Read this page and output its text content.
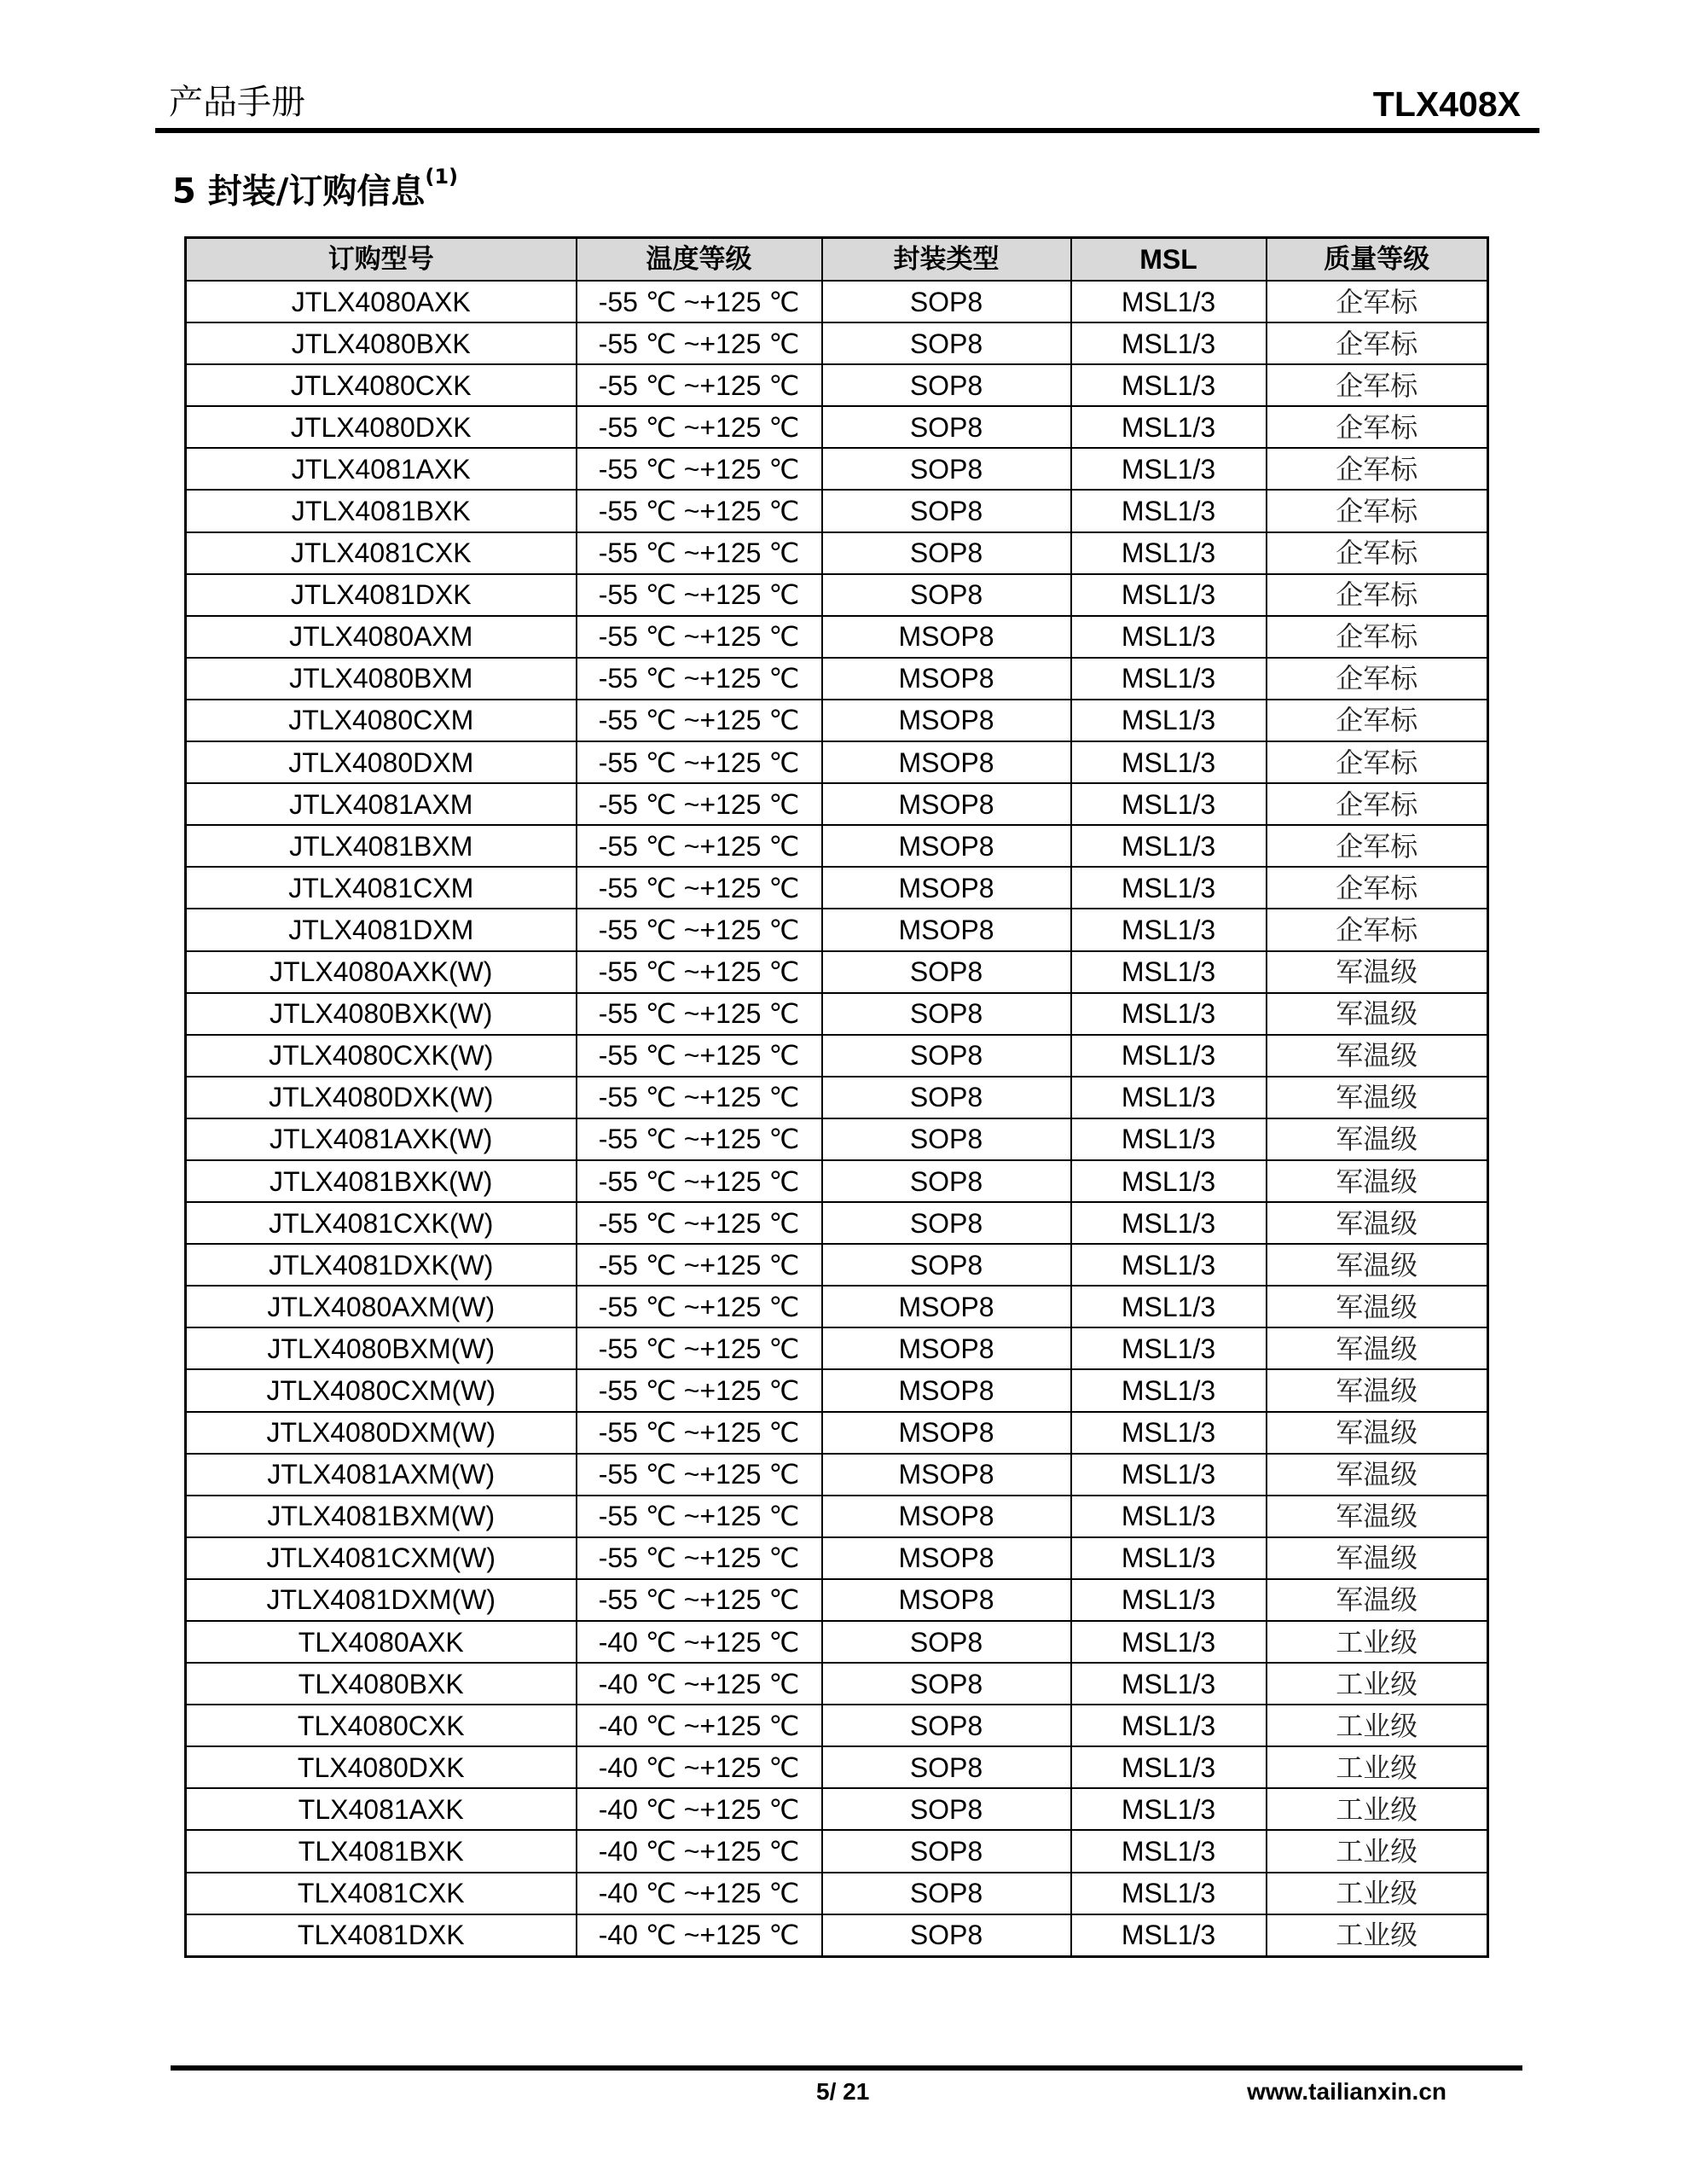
产品手册	TLX408X
5 封装/订购信息$^{(1)}$
订购型号	温度等级	封装类型	MSL	质量等级
JTLX4080AXK	-55 ℃ ~+125 ℃	SOP8	MSL1/3	企军标
JTLX4080BXK	-55 ℃ ~+125 ℃	SOP8	MSL1/3	企军标
JTLX4080CXK	-55 ℃ ~+125 ℃	SOP8	MSL1/3	企军标
JTLX4080DXK	-55 ℃ ~+125 ℃	SOP8	MSL1/3	企军标
JTLX4081AXK	-55 ℃ ~+125 ℃	SOP8	MSL1/3	企军标
JTLX4081BXK	-55 ℃ ~+125 ℃	SOP8	MSL1/3	企军标
JTLX4081CXK	-55 ℃ ~+125 ℃	SOP8	MSL1/3	企军标
JTLX4081DXK	-55 ℃ ~+125 ℃	SOP8	MSL1/3	企军标
JTLX4080AXM	-55 ℃ ~+125 ℃	MSOP8	MSL1/3	企军标
JTLX4080BXM	-55 ℃ ~+125 ℃	MSOP8	MSL1/3	企军标
JTLX4080CXM	-55 ℃ ~+125 ℃	MSOP8	MSL1/3	企军标
JTLX4080DXM	-55 ℃ ~+125 ℃	MSOP8	MSL1/3	企军标
JTLX4081AXM	-55 ℃ ~+125 ℃	MSOP8	MSL1/3	企军标
JTLX4081BXM	-55 ℃ ~+125 ℃	MSOP8	MSL1/3	企军标
JTLX4081CXM	-55 ℃ ~+125 ℃	MSOP8	MSL1/3	企军标
JTLX4081DXM	-55 ℃ ~+125 ℃	MSOP8	MSL1/3	企军标
JTLX4080AXK(W)	-55 ℃ ~+125 ℃	SOP8	MSL1/3	军温级
JTLX4080BXK(W)	-55 ℃ ~+125 ℃	SOP8	MSL1/3	军温级
JTLX4080CXK(W)	-55 ℃ ~+125 ℃	SOP8	MSL1/3	军温级
JTLX4080DXK(W)	-55 ℃ ~+125 ℃	SOP8	MSL1/3	军温级
JTLX4081AXK(W)	-55 ℃ ~+125 ℃	SOP8	MSL1/3	军温级
JTLX4081BXK(W)	-55 ℃ ~+125 ℃	SOP8	MSL1/3	军温级
JTLX4081CXK(W)	-55 ℃ ~+125 ℃	SOP8	MSL1/3	军温级
JTLX4081DXK(W)	-55 ℃ ~+125 ℃	SOP8	MSL1/3	军温级
JTLX4080AXM(W)	-55 ℃ ~+125 ℃	MSOP8	MSL1/3	军温级
JTLX4080BXM(W)	-55 ℃ ~+125 ℃	MSOP8	MSL1/3	军温级
JTLX4080CXM(W)	-55 ℃ ~+125 ℃	MSOP8	MSL1/3	军温级
JTLX4080DXM(W)	-55 ℃ ~+125 ℃	MSOP8	MSL1/3	军温级
JTLX4081AXM(W)	-55 ℃ ~+125 ℃	MSOP8	MSL1/3	军温级
JTLX4081BXM(W)	-55 ℃ ~+125 ℃	MSOP8	MSL1/3	军温级
JTLX4081CXM(W)	-55 ℃ ~+125 ℃	MSOP8	MSL1/3	军温级
JTLX4081DXM(W)	-55 ℃ ~+125 ℃	MSOP8	MSL1/3	军温级
TLX4080AXK	-40 ℃ ~+125 ℃	SOP8	MSL1/3	工业级
TLX4080BXK	-40 ℃ ~+125 ℃	SOP8	MSL1/3	工业级
TLX4080CXK	-40 ℃ ~+125 ℃	SOP8	MSL1/3	工业级
TLX4080DXK	-40 ℃ ~+125 ℃	SOP8	MSL1/3	工业级
TLX4081AXK	-40 ℃ ~+125 ℃	SOP8	MSL1/3	工业级
TLX4081BXK	-40 ℃ ~+125 ℃	SOP8	MSL1/3	工业级
TLX4081CXK	-40 ℃ ~+125 ℃	SOP8	MSL1/3	工业级
TLX4081DXK	-40 ℃ ~+125 ℃	SOP8	MSL1/3	工业级
5/ 21	www.tailianxin.cn
